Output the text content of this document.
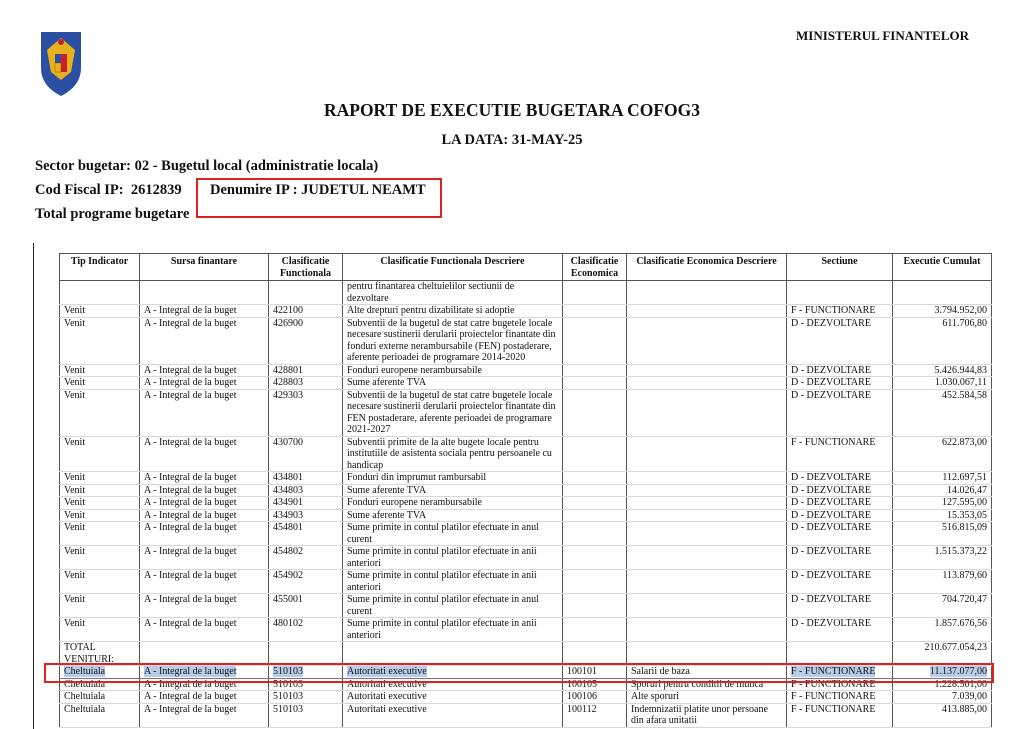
MINISTERUL FINANTELOR
RAPORT DE EXECUTIE BUGETARA COFOG3
LA DATA: 31-MAY-25
Sector bugetar: 02 - Bugetul local (administratie locala)
Cod Fiscal IP: 2612839 Denumire IP : JUDETUL NEAMT
Total programe bugetare
Tip Indicator	Sursa finantare	Clasificatie Functionala	Clasificatie Functionala Descriere	Clasificatie Economica	Clasificatie Economica Descriere	Sectiune	Executie Cumulat
			pentru finantarea cheltuielilor sectiunii de dezvoltare				
Venit	A - Integral de la buget	422100	Alte drepturi pentru dizabilitate si adoptie			F - FUNCTIONARE	3.794.952,00
Venit	A - Integral de la buget	426900	Subventii de la bugetul de stat catre bugetele locale necesare sustinerii derularii proiectelor finantate din fonduri externe nerambursabile (FEN) postaderare, aferente perioadei de programare 2014-2020			D - DEZVOLTARE	611.706,80
Venit	A - Integral de la buget	428801	Fonduri europene nerambursabile			D - DEZVOLTARE	5.426.944,83
Venit	A - Integral de la buget	428803	Sume aferente TVA			D - DEZVOLTARE	1.030.067,11
Venit	A - Integral de la buget	429303	Subventii de la bugetul de stat catre bugetele locale necesare sustinerii derularii proiectelor finantate din FEN postaderare, aferente perioadei de programare 2021-2027			D - DEZVOLTARE	452.584,58
Venit	A - Integral de la buget	430700	Subventii primite de la alte bugete locale pentru institutiile de asistenta sociala pentru persoanele cu handicap			F - FUNCTIONARE	622.873,00
Venit	A - Integral de la buget	434801	Fonduri din imprumut rambursabil			D - DEZVOLTARE	112.697,51
Venit	A - Integral de la buget	434803	Sume aferente TVA			D - DEZVOLTARE	14.026,47
Venit	A - Integral de la buget	434901	Fonduri europene nerambursabile			D - DEZVOLTARE	127.595,00
Venit	A - Integral de la buget	434903	Sume aferente TVA			D - DEZVOLTARE	15.353,05
Venit	A - Integral de la buget	454801	Sume primite in contul platilor efectuate in anul curent			D - DEZVOLTARE	516.815,09
Venit	A - Integral de la buget	454802	Sume primite in contul platilor efectuate in anii anteriori			D - DEZVOLTARE	1.515.373,22
Venit	A - Integral de la buget	454902	Sume primite in contul platilor efectuate in anii anteriori			D - DEZVOLTARE	113.879,60
Venit	A - Integral de la buget	455001	Sume primite in contul platilor efectuate in anul curent			D - DEZVOLTARE	704.720,47
Venit	A - Integral de la buget	480102	Sume primite in contul platilor efectuate in anii anteriori			D - DEZVOLTARE	1.857.676,56
TOTAL VENITURI:							210.677.054,23
Cheltuiala	A - Integral de la buget	510103	Autoritati executive	100101	Salarii de baza	F - FUNCTIONARE	11.137.077,00
Cheltuiala	A - Integral de la buget	510103	Autoritati executive	100105	Sporuri pentru conditii de munca	F - FUNCTIONARE	1.228.501,00
Cheltuiala	A - Integral de la buget	510103	Autoritati executive	100106	Alte sporuri	F - FUNCTIONARE	7.039,00
Cheltuiala	A - Integral de la buget	510103	Autoritati executive	100112	Indemnizatii platite unor persoane din afara unitatii	F - FUNCTIONARE	413.885,00
